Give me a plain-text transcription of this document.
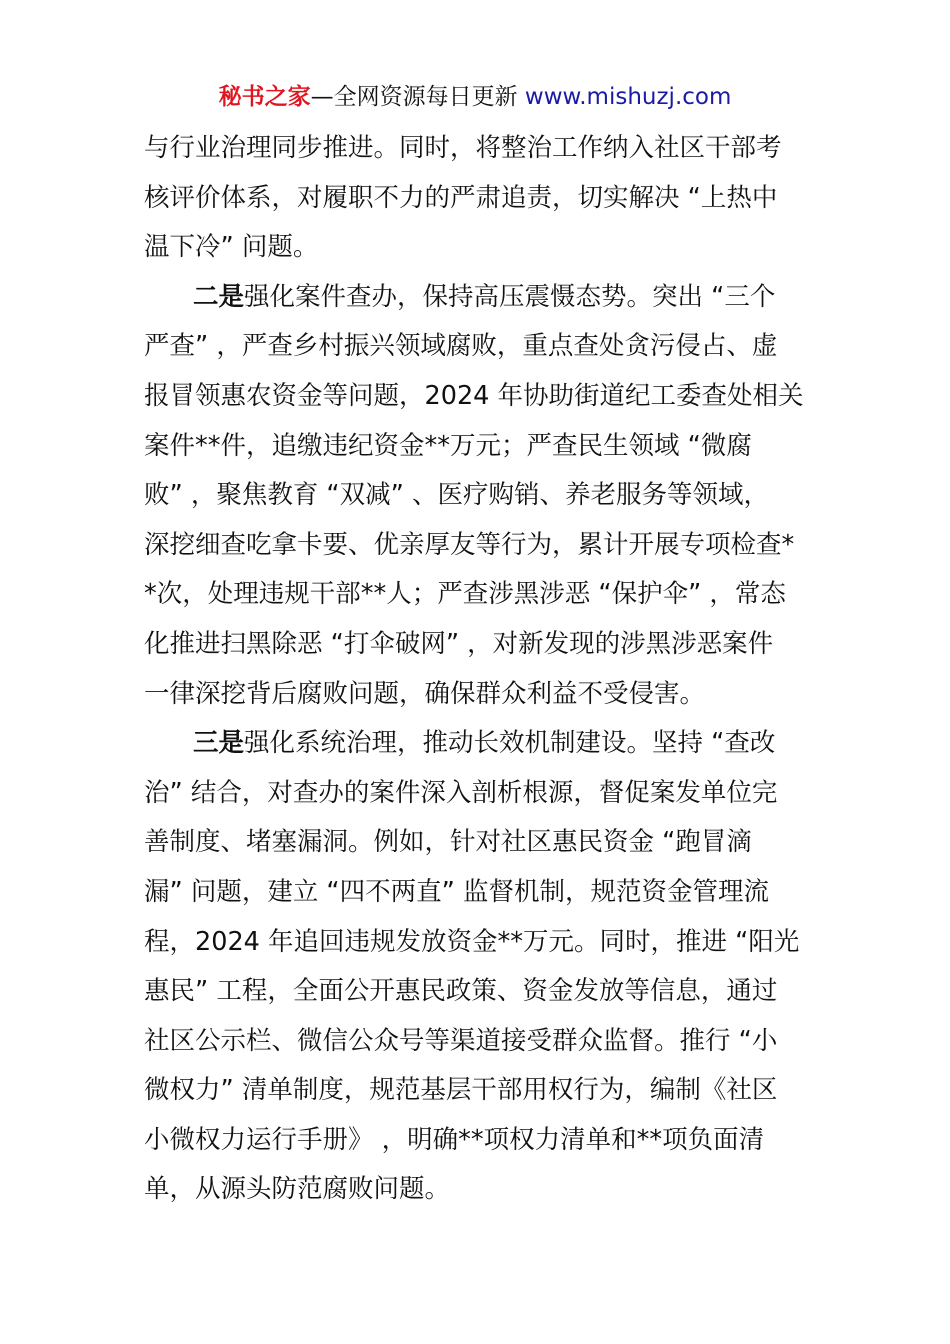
秘书之家—全网资源每日更新 www.mishuzj.com
与行业治理同步推进。同时，将整治工作纳入社区干部考
核评价体系，对履职不力的严肃追责，切实解决 “上热中
温下冷” 问题。
二是强化案件查办，保持高压震慑态势。突出 “三个
严查” ，严查乡村振兴领域腐败，重点查处贪污侵占、虚
报冒领惠农资金等问题，2024 年协助街道纪工委查处相关
案件**件，追缴违纪资金**万元；严查民生领域 “微腐
败” ，聚焦教育 “双减” 、医疗购销、养老服务等领域，
深挖细查吃拿卡要、优亲厚友等行为，累计开展专项检查*
*次，处理违规干部**人；严查涉黑涉恶 “保护伞” ，常态
化推进扫黑除恶 “打伞破网” ，对新发现的涉黑涉恶案件
一律深挖背后腐败问题，确保群众利益不受侵害。
三是强化系统治理，推动长效机制建设。坚持 “查改
治” 结合，对查办的案件深入剖析根源，督促案发单位完
善制度、堵塞漏洞。例如，针对社区惠民资金 “跑冒滴
漏” 问题，建立 “四不两直” 监督机制，规范资金管理流
程，2024 年追回违规发放资金**万元。同时，推进 “阳光
惠民” 工程，全面公开惠民政策、资金发放等信息，通过
社区公示栏、微信公众号等渠道接受群众监督。推行 “小
微权力” 清单制度，规范基层干部用权行为，编制《社区
小微权力运行手册》 ，明确**项权力清单和**项负面清
单，从源头防范腐败问题。
